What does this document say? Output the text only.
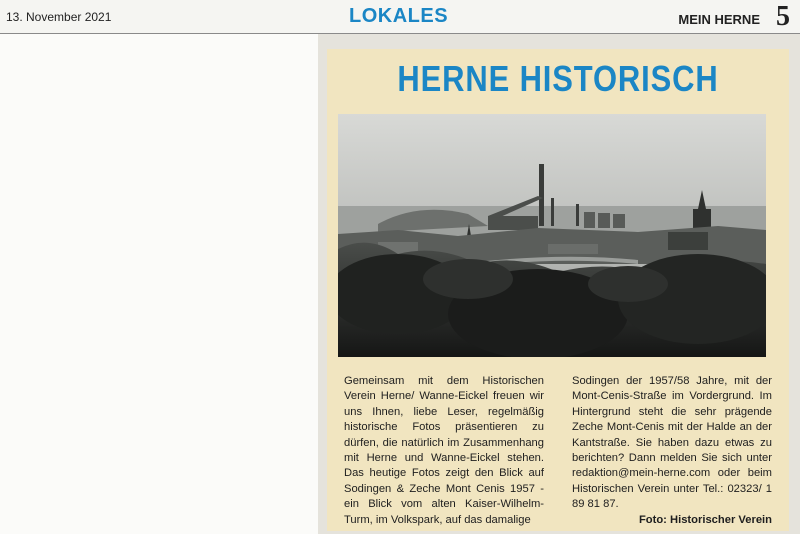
13. November 2021	LOKALES	MEIN HERNE 5
HERNE HISTORISCH

Gemeinsam mit dem Historischen Verein Herne/ Wanne-Eickel freuen wir uns Ihnen, liebe Leser, regelmäßig historische Fotos präsentieren zu dürfen, die natürlich im Zusammenhang mit Herne und Wanne-Eickel stehen. Das heutige Fotos zeigt den Blick auf Sodingen & Zeche Mont Cenis 1957 - ein Blick vom alten Kaiser-Wilhelm-Turm, im Volkspark, auf das damalige

Sodingen der 1957/58 Jahre, mit der Mont-Cenis-Straße im Vordergrund. Im Hintergrund steht die sehr prägende Zeche Mont-Cenis mit der Halde an der Kantstraße. Sie haben dazu etwas zu berichten? Dann melden Sie sich unter redaktion@mein-herne.com oder beim Historischen Verein unter Tel.: 02323/ 1 89 81 87.

Foto: Historischer Verein
